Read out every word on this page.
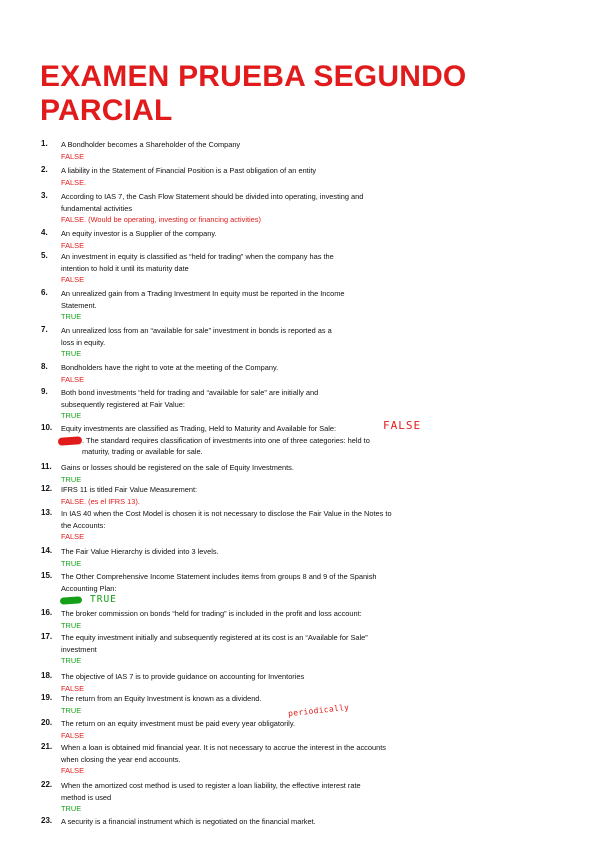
EXAMEN PRUEBA SEGUNDO PARCIAL
1.	A Bondholder becomes a Shareholder of the Company
FALSE
2.	A liability in the Statement of Financial Position is a Past obligation of an entity
FALSE.
3.	According to IAS 7, the Cash Flow Statement should be divided into operating, investing and
fundamental activities
FALSE. (Would be operating, investing or financing activities)
4.	An equity investor is a Supplier of the company.
FALSE
5.	An investment in equity is classified as “held for trading” when the company has the
intention to hold it until its maturity date
FALSE
6.	An unrealized gain from a Trading Investment In equity must be reported in the Income
Statement.
TRUE
7.	An unrealized loss from an “available for sale” investment in bonds is reported as a
loss in equity.
TRUE
8.	Bondholders have the right to vote at the meeting of the Company.
FALSE
9.	Both bond investments “held for trading and “available for sale” are initially and
subsequently registered at Fair Value:
TRUE
10.	Equity investments are classified as Trading, Held to Maturity and Available for Sale:
. The standard requires classification of investments into one of three categories: held to
maturity, trading or available for sale.
11.	Gains or losses should be registered on the sale of Equity Investments.
TRUE
12.	IFRS 11 is titled Fair Value Measurement:
FALSE. (es el IFRS 13).
13.	In IAS 40 when the Cost Model is chosen it is not necessary to disclose the Fair Value in the Notes to
the Accounts:
FALSE
14.	The Fair Value Hierarchy is divided into 3 levels.
TRUE
15.	The Other Comprehensive Income Statement includes items from groups 8 and 9 of the Spanish
Accounting Plan:
16.	The broker commission on bonds “held for trading” is included in the profit and loss account:
TRUE
17.	The equity investment initially and subsequently registered at its cost is an “Available for Sale”
investment
TRUE
18.	The objective of IAS 7 is to provide guidance on accounting for Inventories
FALSE
19.	The return from an Equity Investment is known as a dividend.
TRUE
20.	The return on an equity investment must be paid every year obligatorily.
FALSE
21.	When a loan is obtained mid financial year. It is not necessary to accrue the interest in the accounts
when closing the year end accounts.
FALSE
22.	When the amortized cost method is used to register a loan liability, the effective interest rate
method is used
TRUE
23.	A security is a financial instrument which is negotiated on the financial market.
FALSE
TRUE
periodically
